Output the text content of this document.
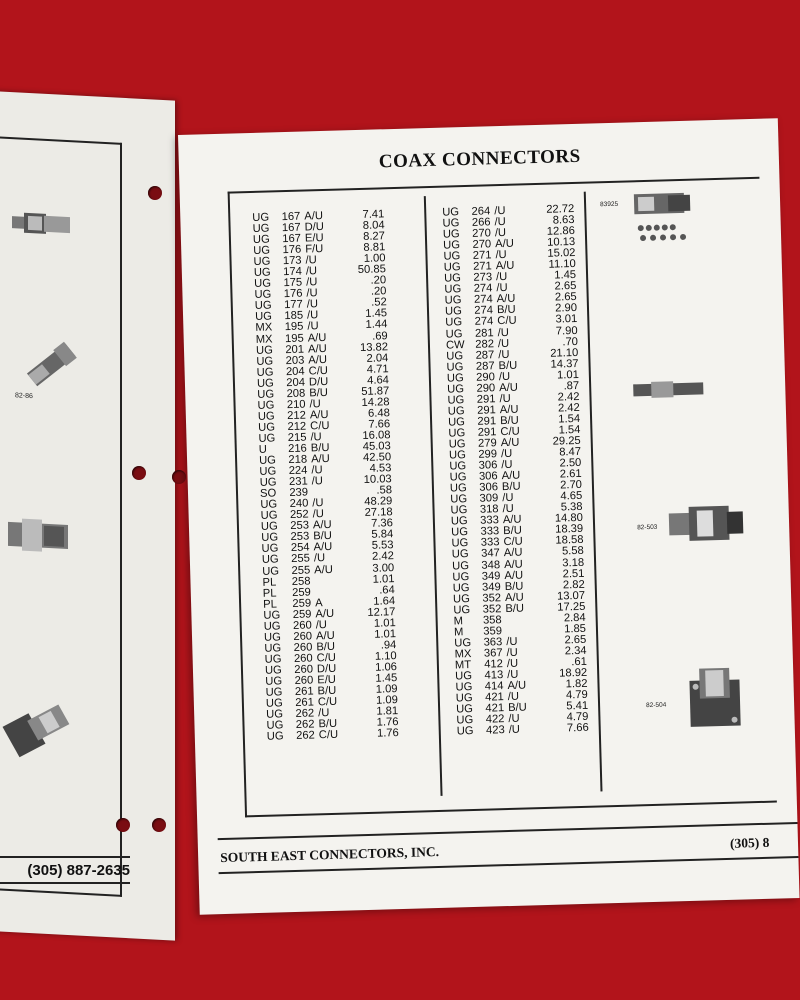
82-86
(305) 887-2635
COAX CONNECTORS
UG	167 A/U	7.41
UG	167 D/U	8.04
UG	167 E/U	8.27
UG	176 F/U	8.81
UG	173 /U	1.00
UG	174 /U	50.85
UG	175 /U	.20
UG	176 /U	.20
UG	177 /U	.52
UG	185 /U	1.45
MX	195 /U	1.44
MX	195 A/U	.69
UG	201 A/U	13.82
UG	203 A/U	2.04
UG	204 C/U	4.71
UG	204 D/U	4.64
UG	208 B/U	51.87
UG	210 /U	14.28
UG	212 A/U	6.48
UG	212 C/U	7.66
UG	215 /U	16.08
U	216 B/U	45.03
UG	218 A/U	42.50
UG	224 /U	4.53
UG	231 /U	10.03
SO	239	.58
UG	240 /U	48.29
UG	252 /U	27.18
UG	253 A/U	7.36
UG	253 B/U	5.84
UG	254 A/U	5.53
UG	255 /U	2.42
UG	255 A/U	3.00
PL	258	1.01
PL	259	.64
PL	259 A	1.64
UG	259 A/U	12.17
UG	260 /U	1.01
UG	260 A/U	1.01
UG	260 B/U	.94
UG	260 C/U	1.10
UG	260 D/U	1.06
UG	260 E/U	1.45
UG	261 B/U	1.09
UG	261 C/U	1.09
UG	262 /U	1.81
UG	262 B/U	1.76
UG	262 C/U	1.76
UG	264 /U	22.72
UG	266 /U	8.63
UG	270 /U	12.86
UG	270 A/U	10.13
UG	271 /U	15.02
UG	271 A/U	11.10
UG	273 /U	1.45
UG	274 /U	2.65
UG	274 A/U	2.65
UG	274 B/U	2.90
UG	274 C/U	3.01
UG	281 /U	7.90
CW 282 /U	.70
UG	287 /U	21.10
UG	287 B/U	14.37
UG	290 /U	1.01
UG	290 A/U	.87
UG	291 /U	2.42
UG	291 A/U	2.42
UG	291 B/U	1.54
UG	291 C/U	1.54
UG	279 A/U	29.25
UG	299 /U	8.47
UG	306 /U	2.50
UG	306 A/U	2.61
UG	306 B/U	2.70
UG	309 /U	4.65
UG	318 /U	5.38
UG	333 A/U	14.80
UG	333 B/U	18.39
UG	333 C/U	18.58
UG	347 A/U	5.58
UG	348 A/U	3.18
UG	349 A/U	2.51
UG	349 B/U	2.82
UG	352 A/U	13.07
UG	352 B/U	17.25
M	358	2.84
M	359	1.85
UG	363 /U	2.65
MX	367 /U	2.34
MT	412 /U	.61
UG	413 /U	18.92
UG	414 A/U	1.82
UG	421 /U	4.79
UG	421 B/U	5.41
UG	422 /U	4.79
UG	423 /U	7.66
83925
82-503
82-504
SOUTH EAST CONNECTORS, INC.
(305) 8
